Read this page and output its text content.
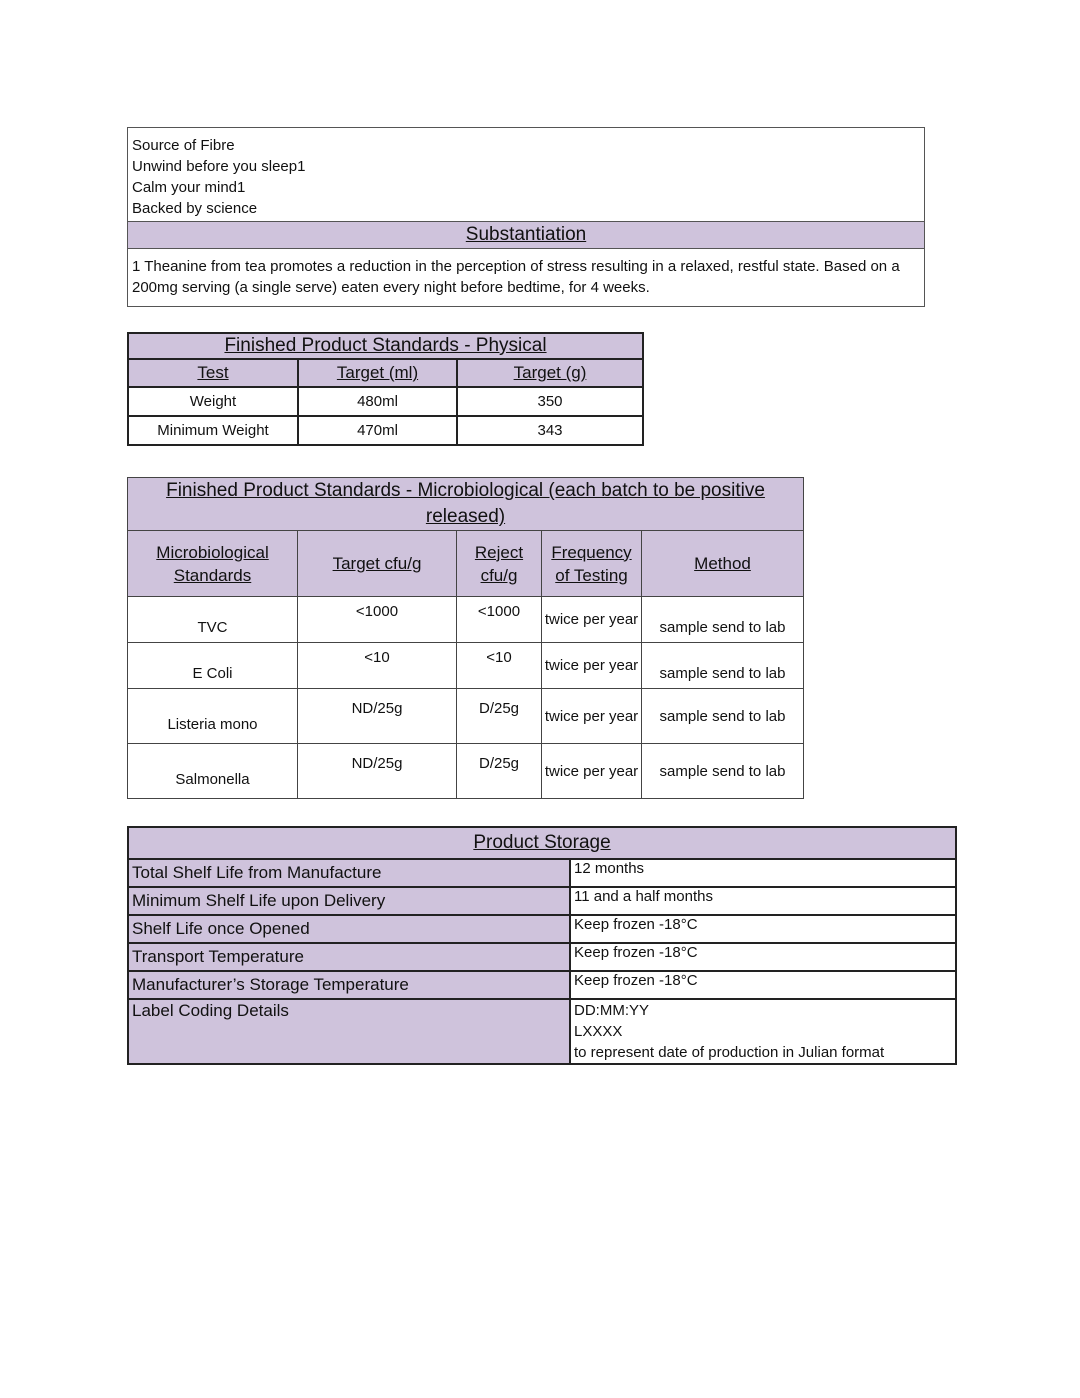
Source of Fibre
Unwind before you sleep1
Calm your mind1
Backed by science
Substantiation
1 Theanine from tea promotes a reduction in the perception of stress resulting in a relaxed, restful state. Based on a 200mg serving (a single serve) eaten every night before bedtime, for 4 weeks.
Finished Product Standards - Physical		
Test	Target (ml)	Target (g)
Weight	480ml	350
Minimum Weight	470ml	343
Finished Product Standards - Microbiological (each batch to be positive released)				
Microbiological Standards	Target cfu/g	Reject cfu/g	Frequency of Testing	Method
TVC	<1000	<1000	twice per year	sample send to lab
E Coli	<10	<10	twice per year	sample send to lab
Listeria mono	ND/25g	D/25g	twice per year	sample send to lab
Salmonella	ND/25g	D/25g	twice per year	sample send to lab
Product Storage	
Total Shelf Life from Manufacture	12 months
Minimum Shelf Life upon Delivery	11 and a half months
Shelf Life once Opened	Keep frozen -18°C
Transport Temperature	Keep frozen -18°C
Manufacturer’s Storage Temperature	Keep frozen -18°C
Label Coding Details	DD:MM:YY
LXXXX
to represent date of production in Julian format
